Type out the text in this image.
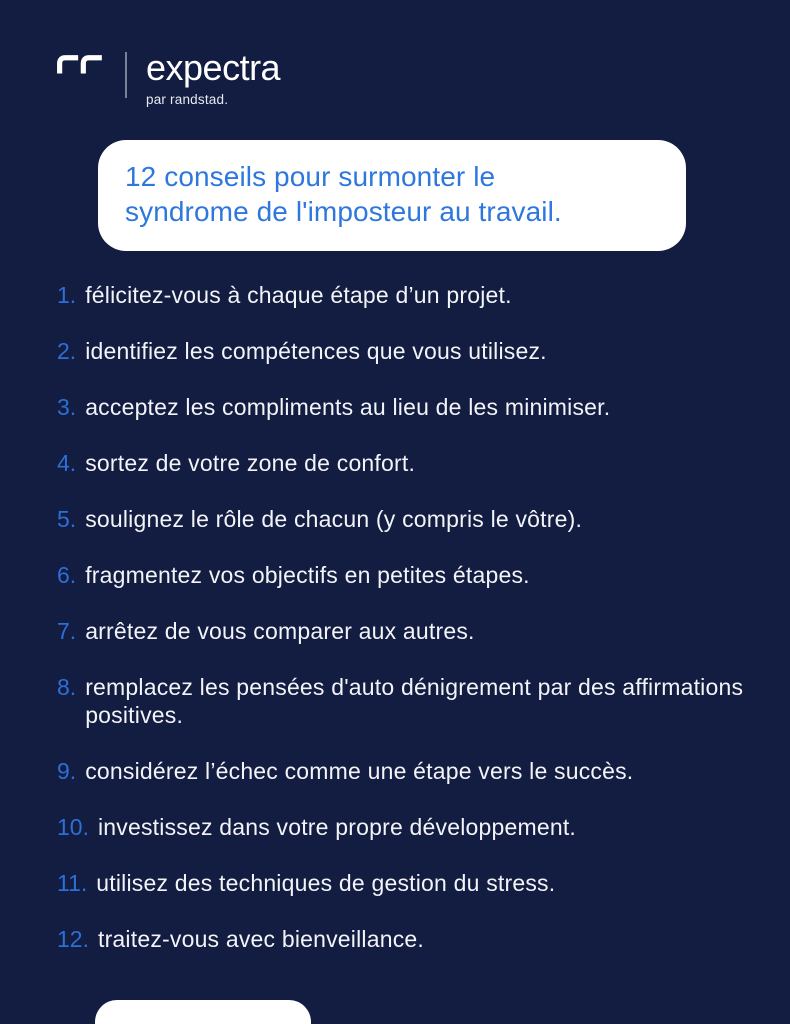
expectra
par randstad.
12 conseils pour surmonter le
syndrome de l'imposteur au travail.
1. félicitez-vous à chaque étape d’un projet.
2. identifiez les compétences que vous utilisez.
3. acceptez les compliments au lieu de les minimiser.
4. sortez de votre zone de confort.
5. soulignez le rôle de chacun (y compris le vôtre).
6. fragmentez vos objectifs en petites étapes.
7. arrêtez de vous comparer aux autres.
8. remplacez les pensées d'auto dénigrement par des affirmations positives.
9. considérez l’échec comme une étape vers le succès.
10. investissez dans votre propre développement.
11. utilisez des techniques de gestion du stress.
12. traitez-vous avec bienveillance.
